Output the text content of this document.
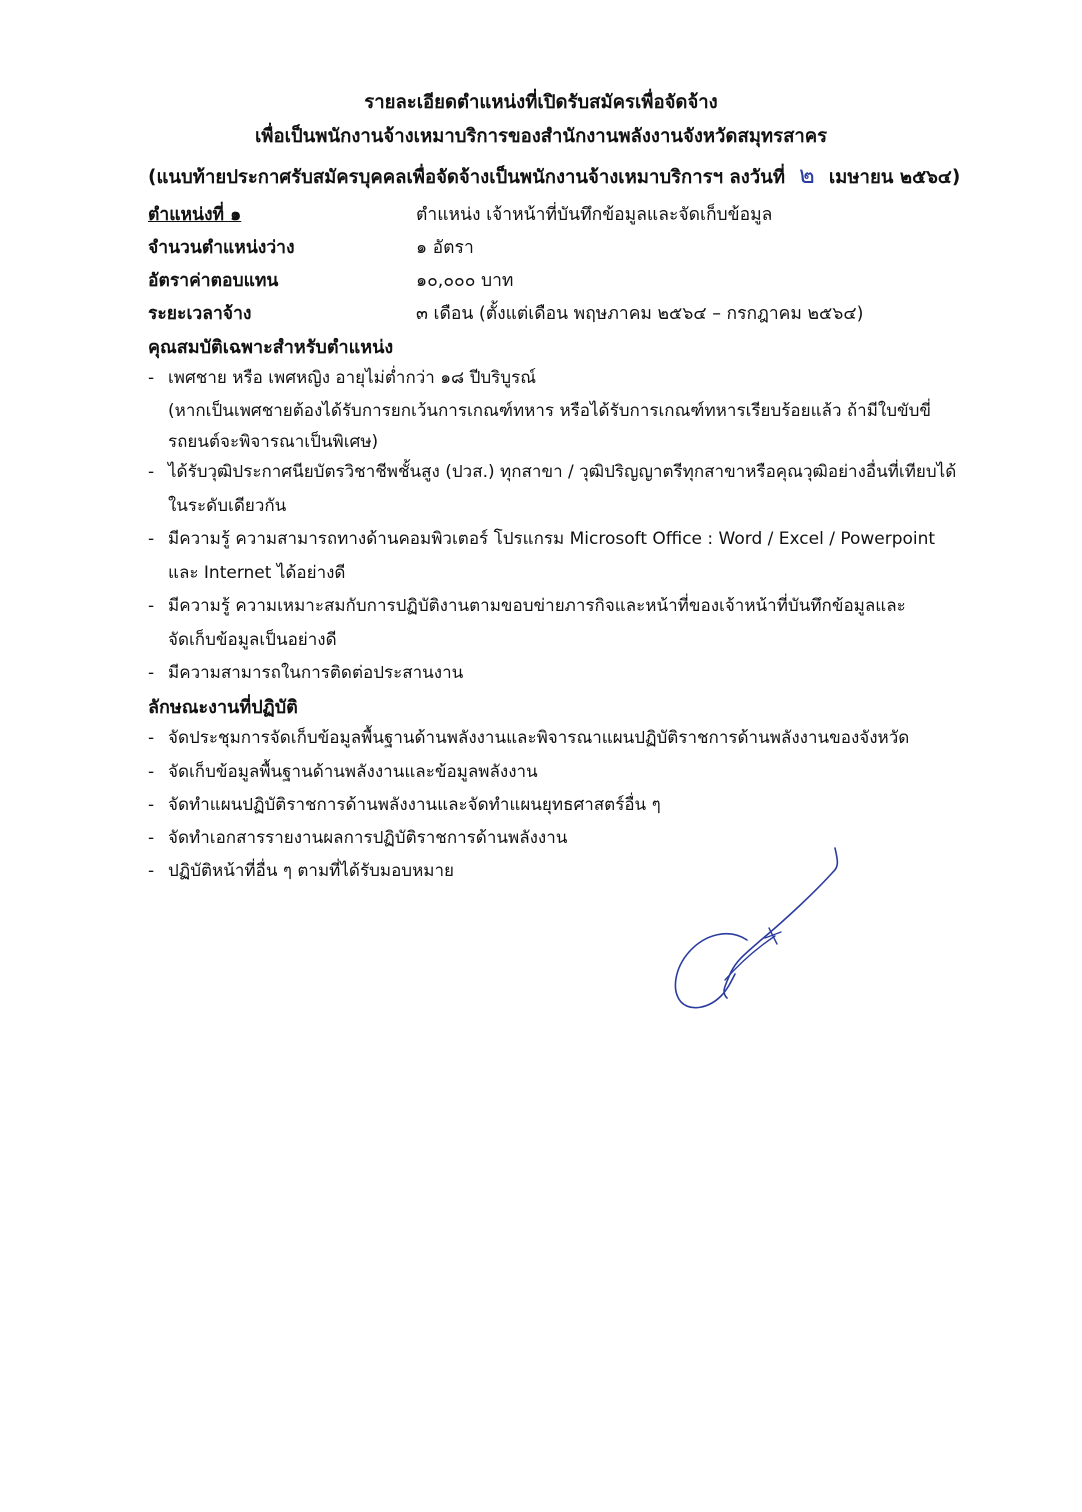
รายละเอียดตำแหน่งที่เปิดรับสมัครเพื่อจัดจ้าง
เพื่อเป็นพนักงานจ้างเหมาบริการของสำนักงานพลังงานจังหวัดสมุทรสาคร
(แนบท้ายประกาศรับสมัครบุคคลเพื่อจัดจ้างเป็นพนักงานจ้างเหมาบริการฯ ลงวันที่ ๒ เมษายน ๒๕๖๔)
ตำแหน่งที่ ๑	ตำแหน่ง เจ้าหน้าที่บันทึกข้อมูลและจัดเก็บข้อมูล
จำนวนตำแหน่งว่าง	๑ อัตรา
อัตราค่าตอบแทน	๑๐,๐๐๐ บาท
ระยะเวลาจ้าง	๓ เดือน (ตั้งแต่เดือน พฤษภาคม ๒๕๖๔ – กรกฎาคม ๒๕๖๔)
คุณสมบัติเฉพาะสำหรับตำแหน่ง
- เพศชาย หรือ เพศหญิง อายุไม่ต่ำกว่า ๑๘ ปีบริบูรณ์
(หากเป็นเพศชายต้องได้รับการยกเว้นการเกณฑ์ทหาร หรือได้รับการเกณฑ์ทหารเรียบร้อยแล้ว ถ้ามีใบขับขี่
รถยนต์จะพิจารณาเป็นพิเศษ)
- ได้รับวุฒิประกาศนียบัตรวิชาชีพชั้นสูง (ปวส.) ทุกสาขา / วุฒิปริญญาตรีทุกสาขาหรือคุณวุฒิอย่างอื่นที่เทียบได้
ในระดับเดียวกัน
- มีความรู้ ความสามารถทางด้านคอมพิวเตอร์ โปรแกรม Microsoft Office : Word / Excel / Powerpoint
และ Internet ได้อย่างดี
- มีความรู้ ความเหมาะสมกับการปฏิบัติงานตามขอบข่ายภารกิจและหน้าที่ของเจ้าหน้าที่บันทึกข้อมูลและ
จัดเก็บข้อมูลเป็นอย่างดี
- มีความสามารถในการติดต่อประสานงาน
ลักษณะงานที่ปฏิบัติ
- จัดประชุมการจัดเก็บข้อมูลพื้นฐานด้านพลังงานและพิจารณาแผนปฏิบัติราชการด้านพลังงานของจังหวัด
- จัดเก็บข้อมูลพื้นฐานด้านพลังงานและข้อมูลพลังงาน
- จัดทำแผนปฏิบัติราชการด้านพลังงานและจัดทำแผนยุทธศาสตร์อื่น ๆ
- จัดทำเอกสารรายงานผลการปฏิบัติราชการด้านพลังงาน
- ปฏิบัติหน้าที่อื่น ๆ ตามที่ได้รับมอบหมาย
